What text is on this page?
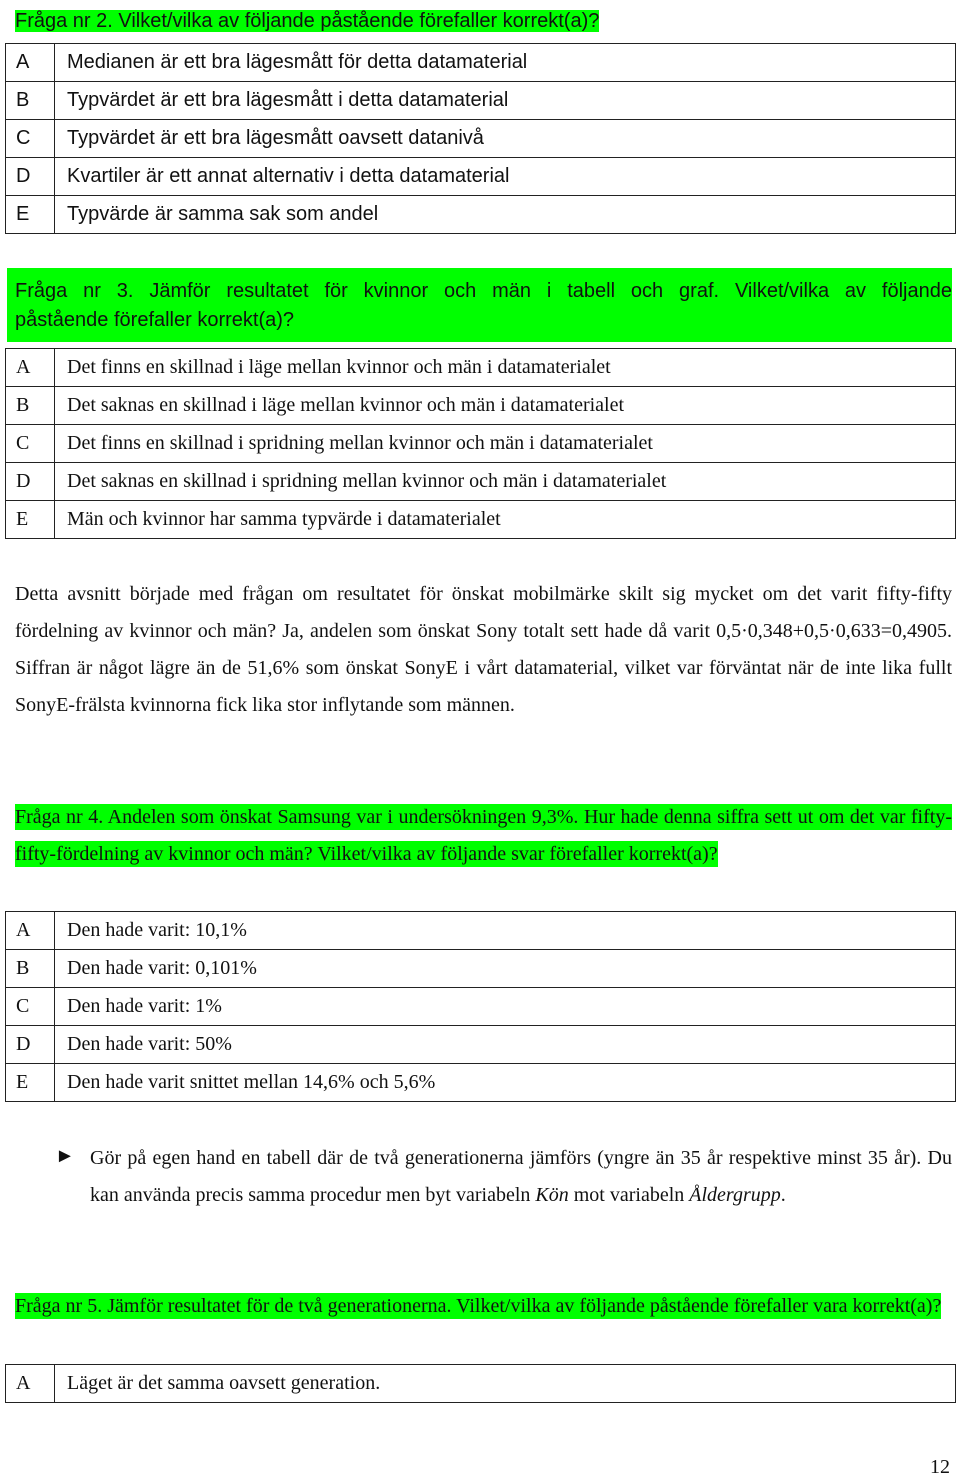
Fråga nr 2. Vilket/vilka av följande påstående förefaller korrekt(a)?
A	Medianen är ett bra lägesmått för detta datamaterial
B	Typvärdet är ett bra lägesmått i detta datamaterial
C	Typvärdet är ett bra lägesmått oavsett datanivå
D	Kvartiler är ett annat alternativ i detta datamaterial
E	Typvärde är samma sak som andel
Fråga nr 3. Jämför resultatet för kvinnor och män i tabell och graf. Vilket/vilka av följande
påstående förefaller korrekt(a)?
A	Det finns en skillnad i läge mellan kvinnor och män i datamaterialet
B	Det saknas en skillnad i läge mellan kvinnor och män i datamaterialet
C	Det finns en skillnad i spridning mellan kvinnor och män i datamaterialet
D	Det saknas en skillnad i spridning mellan kvinnor och män i datamaterialet
E	Män och kvinnor har samma typvärde i datamaterialet
Detta avsnitt började med frågan om resultatet för önskat mobilmärke skilt sig mycket om det varit fifty-fifty fördelning av kvinnor och män? Ja, andelen som önskat Sony totalt sett hade då varit 0,5·0,348+0,5·0,633=0,4905. Siffran är något lägre än de 51,6% som önskat SonyE i vårt datamaterial, vilket var förväntat när de inte lika fullt SonyE-frälsta kvinnorna fick lika stor inflytande som männen.
Fråga nr 4. Andelen som önskat Samsung var i undersökningen 9,3%. Hur hade denna siffra sett ut om det var fifty-fifty-fördelning av kvinnor och män? Vilket/vilka av följande svar förefaller korrekt(a)?
A	Den hade varit: 10,1%
B	Den hade varit: 0,101%
C	Den hade varit: 1%
D	Den hade varit: 50%
E	Den hade varit snittet mellan 14,6% och 5,6%
► Gör på egen hand en tabell där de två generationerna jämförs (yngre än 35 år respektive minst 35 år). Du kan använda precis samma procedur men byt variabeln Kön mot variabeln Åldergrupp.
Fråga nr 5. Jämför resultatet för de två generationerna. Vilket/vilka av följande påstående förefaller vara korrekt(a)?
A	Läget är det samma oavsett generation.
12
